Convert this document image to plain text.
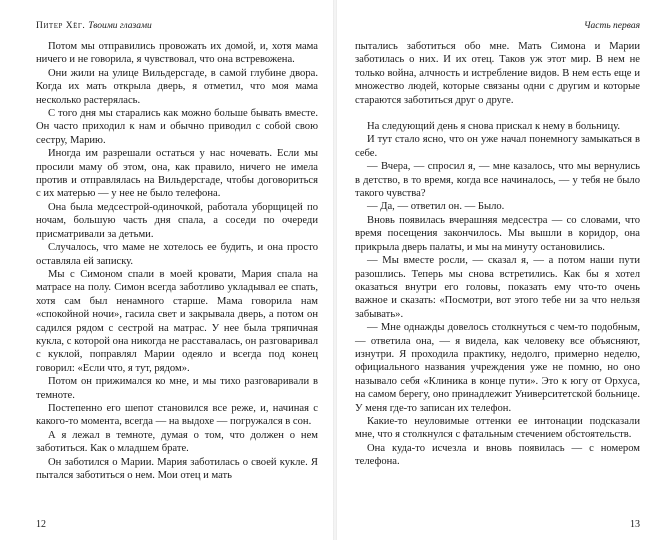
Питер Хёг. Твоими глазами

Потом мы отправились провожать их домой, и, хотя мама ничего и не говорила, я чувствовал, что она встревожена.

Они жили на улице Вильдерсгаде, в самой глубине двора. Когда их мать открыла дверь, я отметил, что моя мама несколько растерялась.

С того дня мы старались как можно больше бывать вместе. Он часто приходил к нам и обычно приводил с собой свою сестру, Марию.

Иногда им разрешали остаться у нас ночевать. Если мы просили маму об этом, она, как правило, ничего не имела против и отправлялась на Вильдерсгаде, чтобы договориться с их матерью — у нее не было телефона.

Она была медсестрой-одиночкой, работала уборщицей по ночам, большую часть дня спала, а соседи по очереди присматривали за детьми.

Случалось, что маме не хотелось ее будить, и она просто оставляла ей записку.

Мы с Симоном спали в моей кровати, Мария спала на матрасе на полу. Симон всегда заботливо укладывал ее спать, хотя сам был ненамного старше. Мама говорила нам «спокойной ночи», гасила свет и закрывала дверь, а потом он садился рядом с сестрой на матрас. У нее была тряпичная кукла, с которой она никогда не расставалась, он разговаривал с куклой, поправлял Марии одеяло и всегда под конец говорил: «Если что, я тут, рядом».

Потом он прижимался ко мне, и мы тихо разговаривали в темноте.

Постепенно его шепот становился все реже, и, начиная с какого-то момента, всегда — на выдохе — погружался в сон.

А я лежал в темноте, думая о том, что должен о нем заботиться. Как о младшем брате.

Он заботился о Марии. Мария заботилась о своей кукле. Я пытался заботиться о нем. Мои отец и мать

12
Часть первая

пытались заботиться обо мне. Мать Симона и Марии заботилась о них. И их отец. Таков уж этот мир. В нем не только война, алчность и истребление видов. В нем есть еще и множество людей, которые связаны одни с другим и которые стараются заботиться друг о друге.

На следующий день я снова прискал к нему в больницу.

И тут стало ясно, что он уже начал понемногу замыкаться в себе.

— Вчера, — спросил я, — мне казалось, что мы вернулись в детство, в то время, когда все начиналось, — у тебя не было такого чувства?

— Да, — ответил он. — Было.

Вновь появилась вчерашняя медсестра — со словами, что время посещения закончилось. Мы вышли в коридор, она прикрыла дверь палаты, и мы на минуту остановились.

— Мы вместе росли, — сказал я, — а потом наши пути разошлись. Теперь мы снова встретились. Как бы я хотел оказаться внутри его головы, показать ему что-то очень важное и сказать: «Посмотри, вот этого тебе ни за что нельзя забывать».

— Мне однажды довелось столкнуться с чем-то подобным, — ответила она, — я видела, как человеку все объясняют, изнутри. Я проходила практику, недолго, примерно неделю, официального названия учреждения уже не помню, но оно называло себя «Клиника в конце пути». Это к югу от Орхуса, на самом берегу, оно принадлежит Университетской больнице. У меня где-то записан их телефон.

Какие-то неуловимые оттенки ее интонации подсказали мне, что я столкнулся с фатальным стечением обстоятельств.

Она куда-то исчезла и вновь появилась — с номером телефона.

13
